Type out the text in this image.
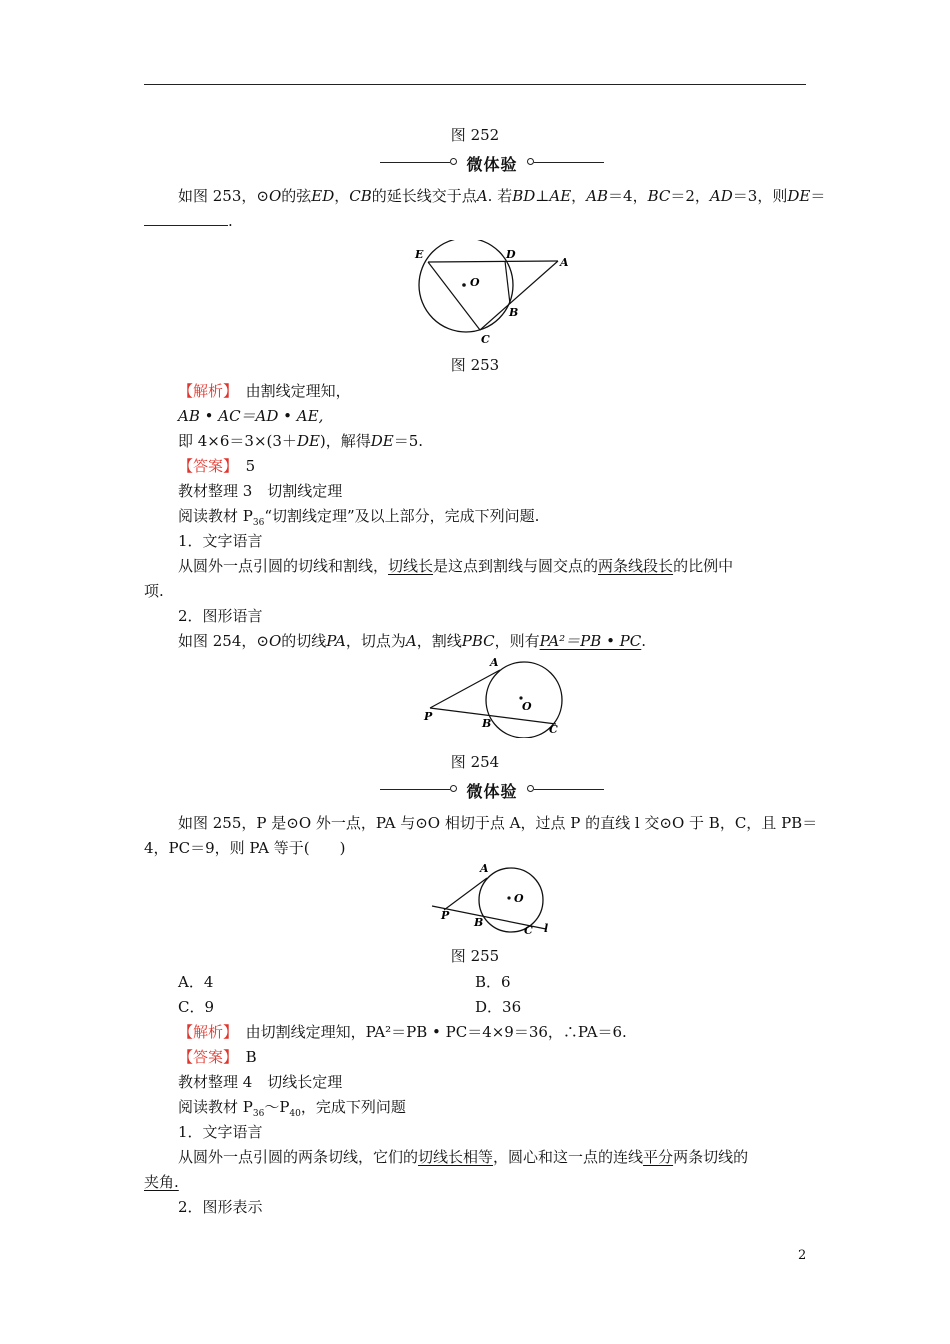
图 252
微体验
如图 253，⊙O的弦ED，CB的延长线交于点A. 若BD⊥AE，AB＝4，BC＝2，AD＝3，则DE＝
.
E	D
A
O
B
C
图 253
【解析】　 由割线定理知，
AB • AC＝AD • AE,
即 4×6＝3×(3＋DE)，解得DE＝5.
【答案】　 5
教材整理 3　切割线定理
阅读教材 $P_{36}“$切割线定理”及以上部分，完成下列问题.
1．文字语言
从圆外一点引圆的切线和割线，切线长是这点到割线与圆交点的两条线段长的比例中
项.
2．图形语言
如图 254，⊙O的切线PA，切点为A，割线PBC，则有PA²＝PB • PC.
A
P
O
B	C
图 254
微体验
如图 255，P 是⊙O 外一点，PA 与⊙O 相切于点 A，过点 P 的直线 l 交⊙O 于 B，C，且 PB＝
4，PC＝9，则 PA 等于(　　)
A
O
P
B
C l
图 255
A．4	B．6
C．9	D．36
【解析】　 由切割线定理知，PA²＝PB • PC＝4×9＝36，∴PA＝6.
【答案】　 B
教材整理 4　切线长定理
阅读教材 $P_{36}\sim P_{40}$，完成下列问题
1．文字语言
从圆外一点引圆的两条切线，它们的切线长相等，圆心和这一点的连线平分两条切线的
夹角.
2．图形表示
2
